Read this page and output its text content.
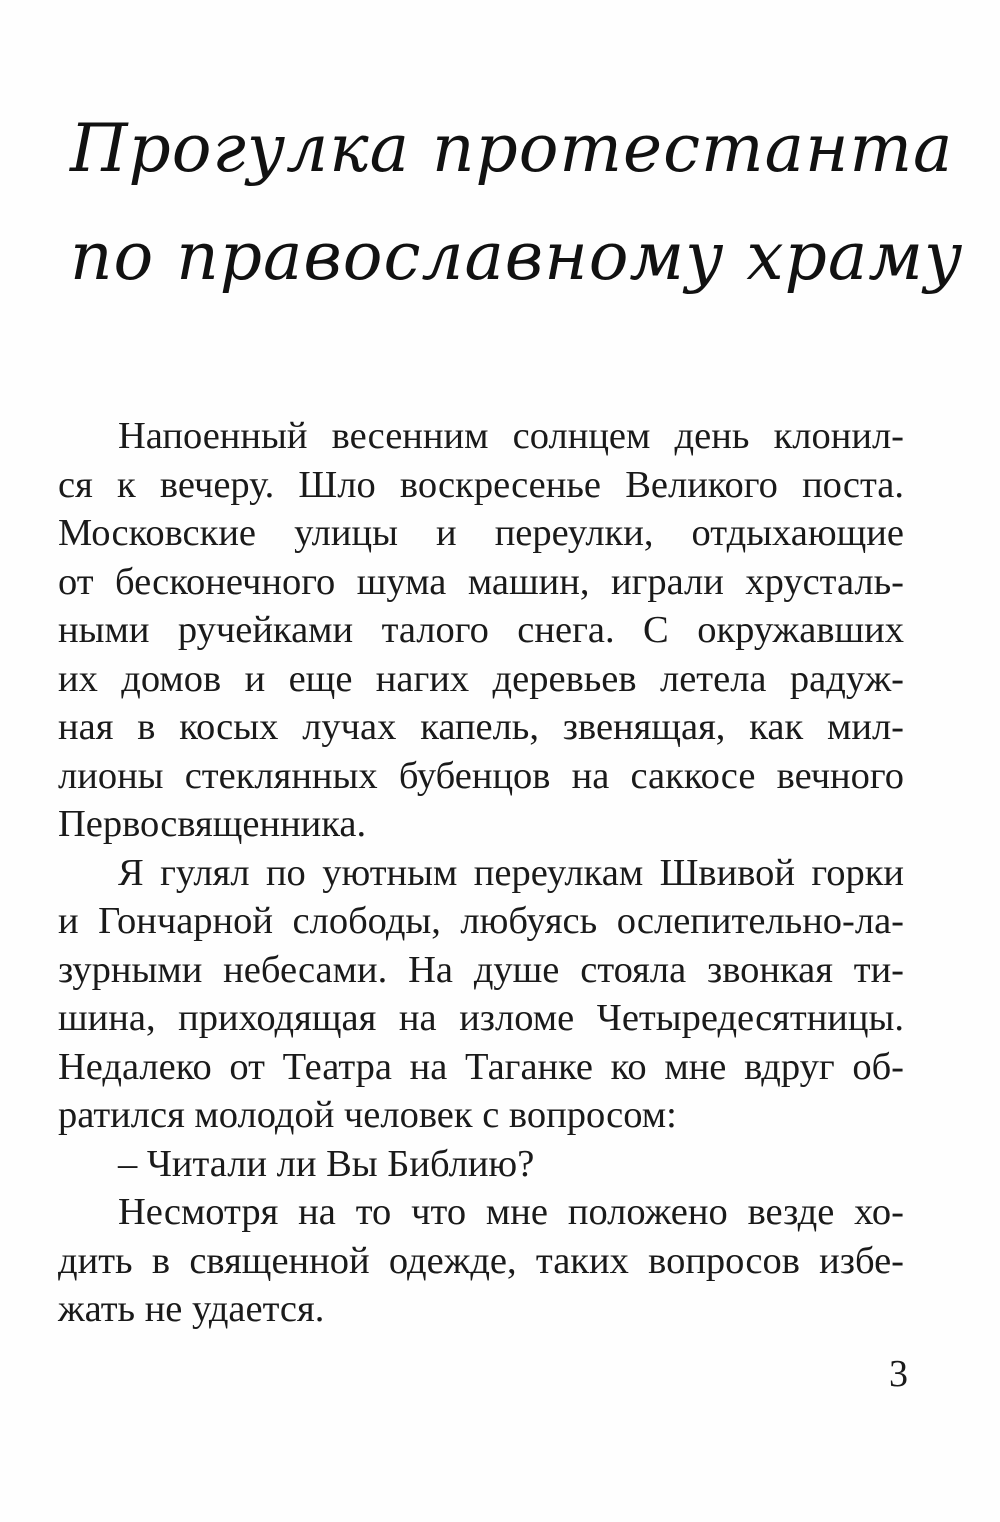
Прогулка протестанта
по православному храму
Напоенный весенним солнцем день клонил-
ся к вечеру. Шло воскресенье Великого поста.
Московские улицы и переулки, отдыхающие
от бесконечного шума машин, играли хрусталь-
ными ручейками талого снега. С окружавших
их домов и еще нагих деревьев летела радуж-
ная в косых лучах капель, звенящая, как мил-
лионы стеклянных бубенцов на саккосе вечного
Первосвященника.
Я гулял по уютным переулкам Швивой горки
и Гончарной слободы, любуясь ослепительно-ла-
зурными небесами. На душе стояла звонкая ти-
шина, приходящая на изломе Четыредесятницы.
Недалеко от Театра на Таганке ко мне вдруг об-
ратился молодой человек с вопросом:
– Читали ли Вы Библию?
Несмотря на то что мне положено везде хо-
дить в священной одежде, таких вопросов избе-
жать не удается.
3
